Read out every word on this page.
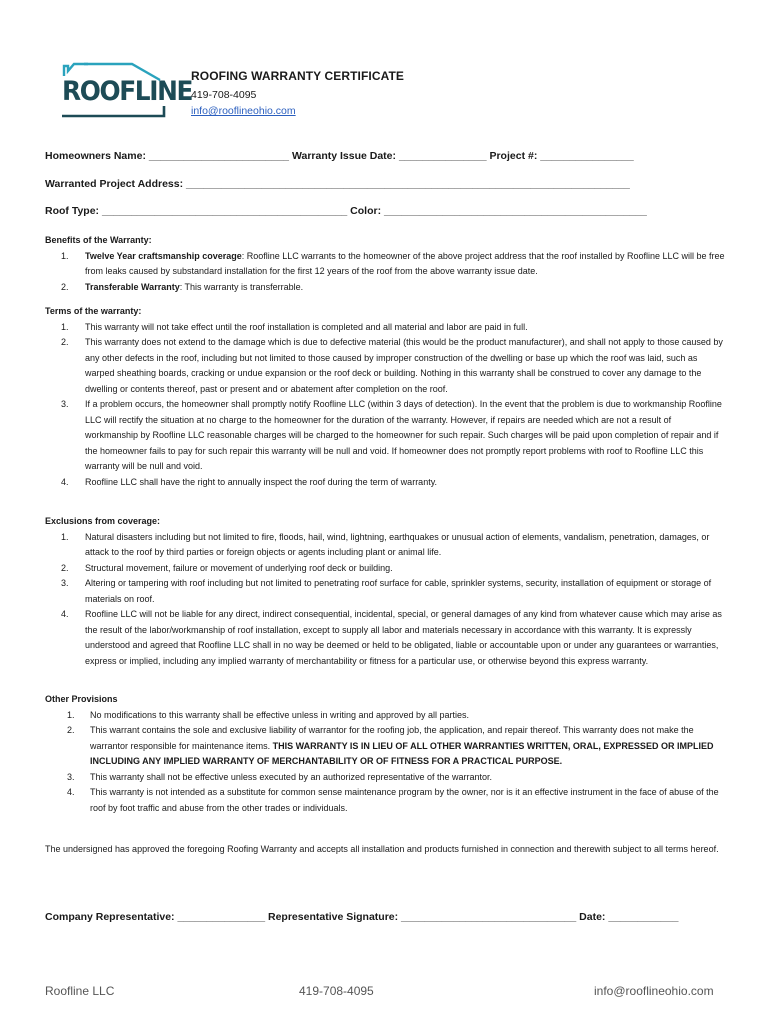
ROOFLINE
ROOFING WARRANTY CERTIFICATE
419-708-4095
info@rooflineohio.com
Homeowners Name: ________________________ Warranty Issue Date: _______________ Project #: ________________
Warranted Project Address: ____________________________________________________________________________
Roof Type: __________________________________________ Color: _____________________________________________
Benefits of the Warranty:
1. Twelve Year craftsmanship coverage: Roofline LLC warrants to the homeowner of the above project address that the roof installed by Roofline LLC will be free from leaks caused by substandard installation for the first 12 years of the roof from the above warranty issue date.
2. Transferable Warranty: This warranty is transferrable.
Terms of the warranty:
1. This warranty will not take effect until the roof installation is completed and all material and labor are paid in full.
2. This warranty does not extend to the damage which is due to defective material (this would be the product manufacturer), and shall not apply to those caused by any other defects in the roof, including but not limited to those caused by improper construction of the dwelling or base up which the roof was laid, such as warped sheathing boards, cracking or undue expansion or the roof deck or building. Nothing in this warranty shall be construed to cover any damage to the dwelling or contents thereof, past or present and or abatement after completion on the roof.
3. If a problem occurs, the homeowner shall promptly notify Roofline LLC (within 3 days of detection). In the event that the problem is due to workmanship Roofline LLC will rectify the situation at no charge to the homeowner for the duration of the warranty. However, if repairs are needed which are not a result of workmanship by Roofline LLC reasonable charges will be charged to the homeowner for such repair. Such charges will be paid upon completion of repair and if the homeowner fails to pay for such repair this warranty will be null and void. If homeowner does not promptly report problems with roof to Roofline LLC this warranty will be null and void.
4. Roofline LLC shall have the right to annually inspect the roof during the term of warranty.
Exclusions from coverage:
1. Natural disasters including but not limited to fire, floods, hail, wind, lightning, earthquakes or unusual action of elements, vandalism, penetration, damages, or attack to the roof by third parties or foreign objects or agents including plant or animal life.
2. Structural movement, failure or movement of underlying roof deck or building.
3. Altering or tampering with roof including but not limited to penetrating roof surface for cable, sprinkler systems, security, installation of equipment or storage of materials on roof.
4. Roofline LLC will not be liable for any direct, indirect consequential, incidental, special, or general damages of any kind from whatever cause which may arise as the result of the labor/workmanship of roof installation, except to supply all labor and materials necessary in accordance with this warranty. It is expressly understood and agreed that Roofline LLC shall in no way be deemed or held to be obligated, liable or accountable upon or under any guarantees or warranties, express or implied, including any implied warranty of merchantability or fitness for a particular use, or otherwise beyond this express warranty.
Other Provisions
1. No modifications to this warranty shall be effective unless in writing and approved by all parties.
2. This warrant contains the sole and exclusive liability of warrantor for the roofing job, the application, and repair thereof. This warranty does not make the warrantor responsible for maintenance items. THIS WARRANTY IS IN LIEU OF ALL OTHER WARRANTIES WRITTEN, ORAL, EXPRESSED OR IMPLIED INCLUDING ANY IMPLIED WARRANTY OF MERCHANTABILITY OR OF FITNESS FOR A PRACTICAL PURPOSE.
3. This warranty shall not be effective unless executed by an authorized representative of the warrantor.
4. This warranty is not intended as a substitute for common sense maintenance program by the owner, nor is it an effective instrument in the face of abuse of the roof by foot traffic and abuse from the other trades or individuals.
The undersigned has approved the foregoing Roofing Warranty and accepts all installation and products furnished in connection and therewith subject to all terms hereof.
Company Representative: _______________ Representative Signature: ______________________________ Date: ____________
Roofline LLC	419-708-4095	info@rooflineohio.com
